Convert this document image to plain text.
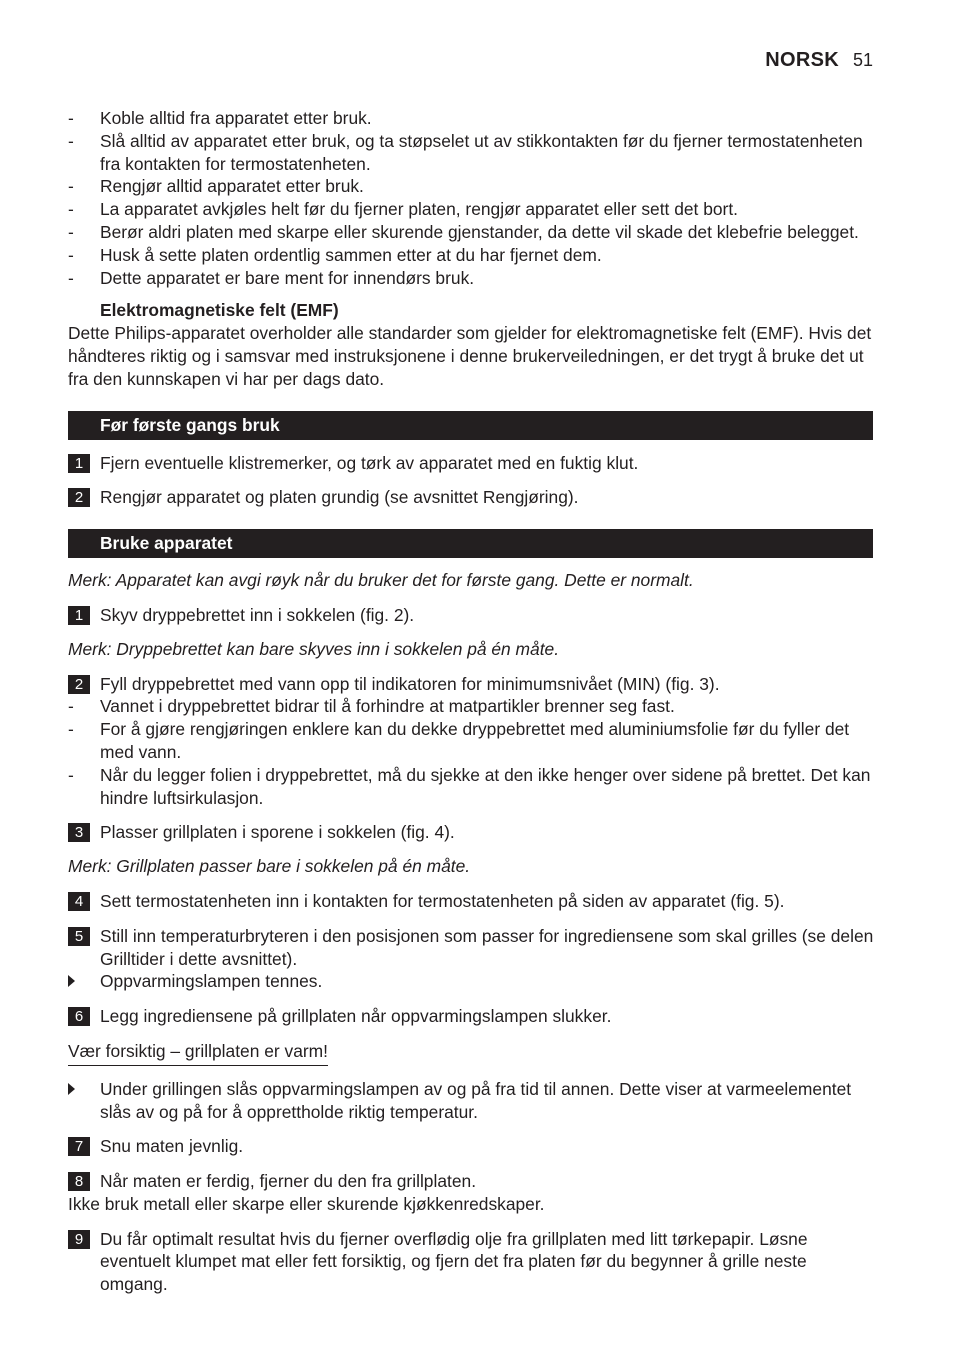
NORSK 51
- Koble alltid fra apparatet etter bruk.
- Slå alltid av apparatet etter bruk, og ta støpselet ut av stikkontakten før du fjerner termostatenheten fra kontakten for termostatenheten.
- Rengjør alltid apparatet etter bruk.
- La apparatet avkjøles helt før du fjerner platen, rengjør apparatet eller sett det bort.
- Berør aldri platen med skarpe eller skurende gjenstander, da dette vil skade det klebefrie belegget.
- Husk å sette platen ordentlig sammen etter at du har fjernet dem.
- Dette apparatet er bare ment for innendørs bruk.
Elektromagnetiske felt (EMF)
Dette Philips-apparatet overholder alle standarder som gjelder for elektromagnetiske felt (EMF). Hvis det håndteres riktig og i samsvar med instruksjonene i denne brukerveiledningen, er det trygt å bruke det ut fra den kunnskapen vi har per dags dato.
Før første gangs bruk
1 Fjern eventuelle klistremerker, og tørk av apparatet med en fuktig klut.
2 Rengjør apparatet og platen grundig (se avsnittet Rengjøring).
Bruke apparatet
Merk: Apparatet kan avgi røyk når du bruker det for første gang. Dette er normalt.
1 Skyv dryppebrettet inn i sokkelen (fig. 2).
Merk: Dryppebrettet kan bare skyves inn i sokkelen på én måte.
2 Fyll dryppebrettet med vann opp til indikatoren for minimumsnivået (MIN) (fig. 3).
- Vannet i dryppebrettet bidrar til å forhindre at matpartikler brenner seg fast.
- For å gjøre rengjøringen enklere kan du dekke dryppebrettet med aluminiumsfolie før du fyller det med vann.
- Når du legger folien i dryppebrettet, må du sjekke at den ikke henger over sidene på brettet. Det kan hindre luftsirkulasjon.
3 Plasser grillplaten i sporene i sokkelen (fig. 4).
Merk: Grillplaten passer bare i sokkelen på én måte.
4 Sett termostatenheten inn i kontakten for termostatenheten på siden av apparatet (fig. 5).
5 Still inn temperaturbryteren i den posisjonen som passer for ingrediensene som skal grilles (se delen Grilltider i dette avsnittet).
Oppvarmingslampen tennes.
6 Legg ingrediensene på grillplaten når oppvarmingslampen slukker.
Vær forsiktig – grillplaten er varm!
Under grillingen slås oppvarmingslampen av og på fra tid til annen. Dette viser at varmeelementet slås av og på for å opprettholde riktig temperatur.
7 Snu maten jevnlig.
8 Når maten er ferdig, fjerner du den fra grillplaten.
Ikke bruk metall eller skarpe eller skurende kjøkkenredskaper.
9 Du får optimalt resultat hvis du fjerner overflødig olje fra grillplaten med litt tørkepapir. Løsne eventuelt klumpet mat eller fett forsiktig, og fjern det fra platen før du begynner å grille neste omgang.
